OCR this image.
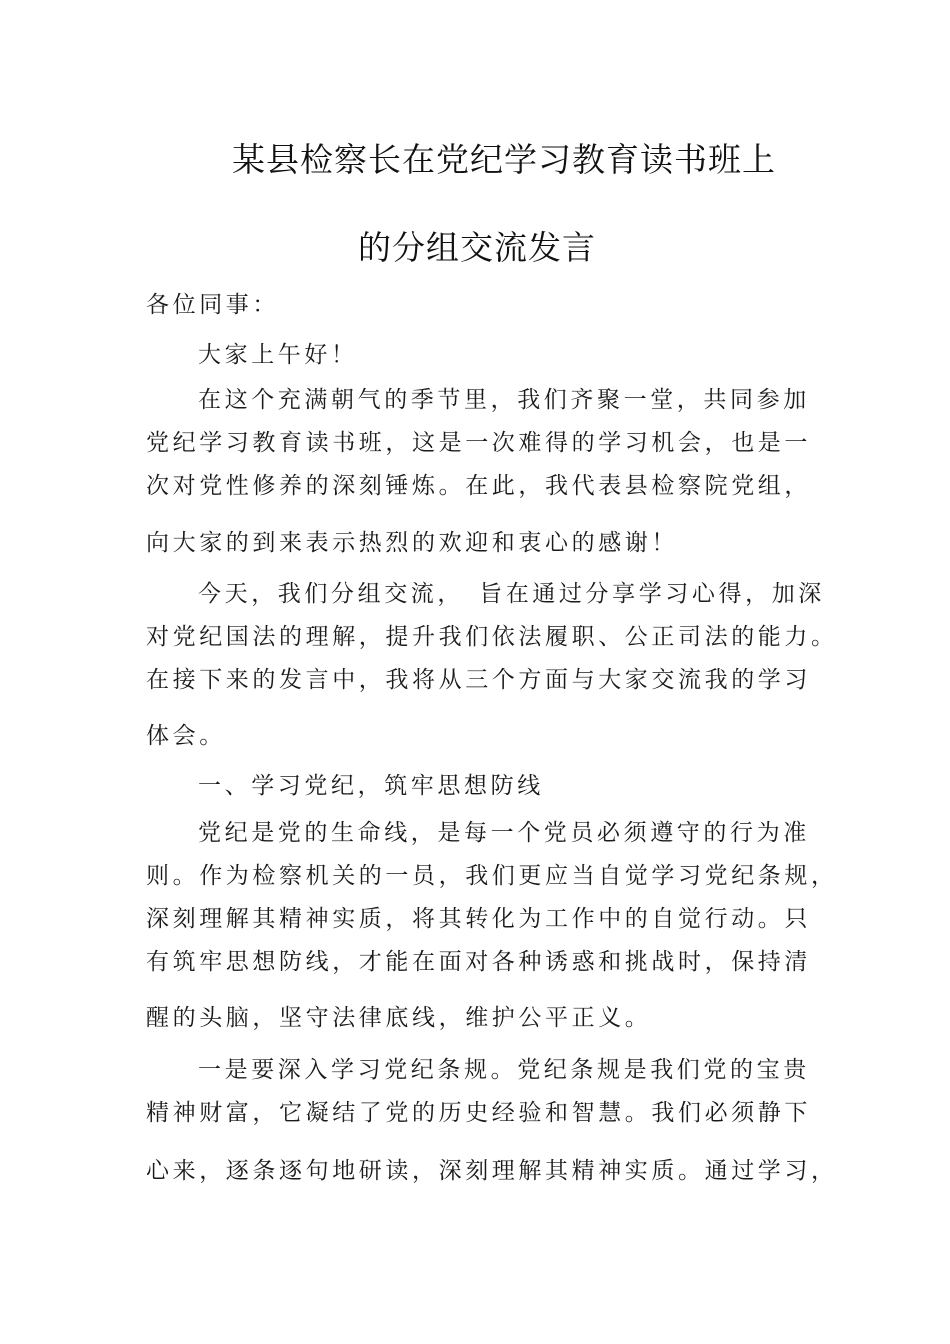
某县检察长在党纪学习教育读书班上
的分组交流发言
各位同事：
大家上午好！
在这个充满朝气的季节里，我们齐聚一堂，共同参加
党纪学习教育读书班，这是一次难得的学习机会，也是一
次对党性修养的深刻锤炼。在此，我代表县检察院党组，
向大家的到来表示热烈的欢迎和衷心的感谢！
今天，我们分组交流，　旨在通过分享学习心得，加深
对党纪国法的理解，提升我们依法履职、公正司法的能力。
在接下来的发言中，我将从三个方面与大家交流我的学习
体会。
一、学习党纪，筑牢思想防线
党纪是党的生命线，是每一个党员必须遵守的行为准
则。作为检察机关的一员，我们更应当自觉学习党纪条规，
深刻理解其精神实质，将其转化为工作中的自觉行动。只
有筑牢思想防线，才能在面对各种诱惑和挑战时，保持清
醒的头脑，坚守法律底线，维护公平正义。
一是要深入学习党纪条规。党纪条规是我们党的宝贵
精神财富，它凝结了党的历史经验和智慧。我们必须静下
心来，逐条逐句地研读，深刻理解其精神实质。通过学习，
